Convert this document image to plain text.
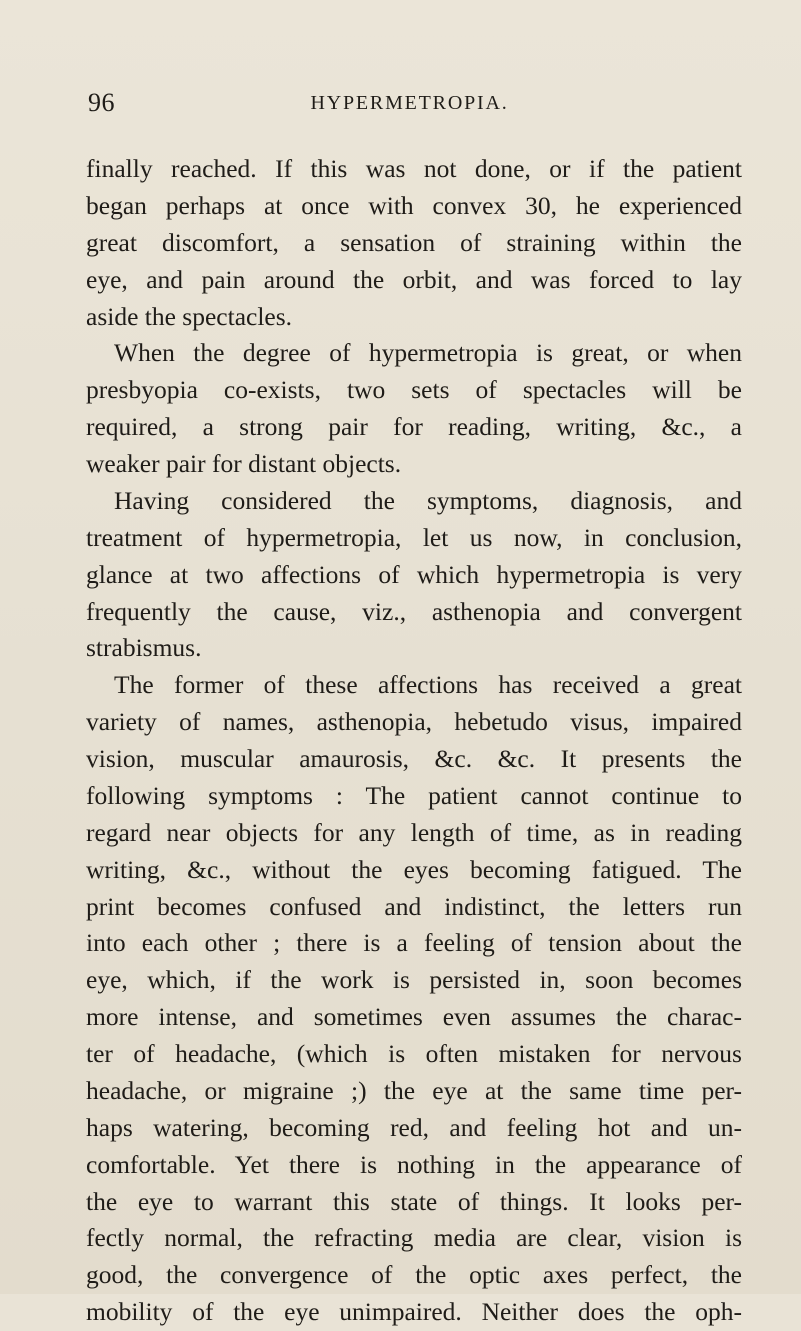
96	HYPERMETROPIA.
finally reached. If this was not done, or if the patient
began perhaps at once with convex 30, he experienced
great discomfort, a sensation of straining within the
eye, and pain around the orbit, and was forced to lay
aside the spectacles.
When the degree of hypermetropia is great, or when
presbyopia co-exists, two sets of spectacles will be
required, a strong pair for reading, writing, &c., a
weaker pair for distant objects.
Having considered the symptoms, diagnosis, and
treatment of hypermetropia, let us now, in conclusion,
glance at two affections of which hypermetropia is very
frequently the cause, viz., asthenopia and convergent
strabismus.
The former of these affections has received a great
variety of names, asthenopia, hebetudo visus, impaired
vision, muscular amaurosis, &c. &c. It presents the
following symptoms : The patient cannot continue to
regard near objects for any length of time, as in reading
writing, &c., without the eyes becoming fatigued. The
print becomes confused and indistinct, the letters run
into each other ; there is a feeling of tension about the
eye, which, if the work is persisted in, soon becomes
more intense, and sometimes even assumes the charac-
ter of headache, (which is often mistaken for nervous
headache, or migraine ;) the eye at the same time per-
haps watering, becoming red, and feeling hot and un-
comfortable. Yet there is nothing in the appearance of
the eye to warrant this state of things. It looks per-
fectly normal, the refracting media are clear, vision is
good, the convergence of the optic axes perfect, the
mobility of the eye unimpaired. Neither does the oph-
